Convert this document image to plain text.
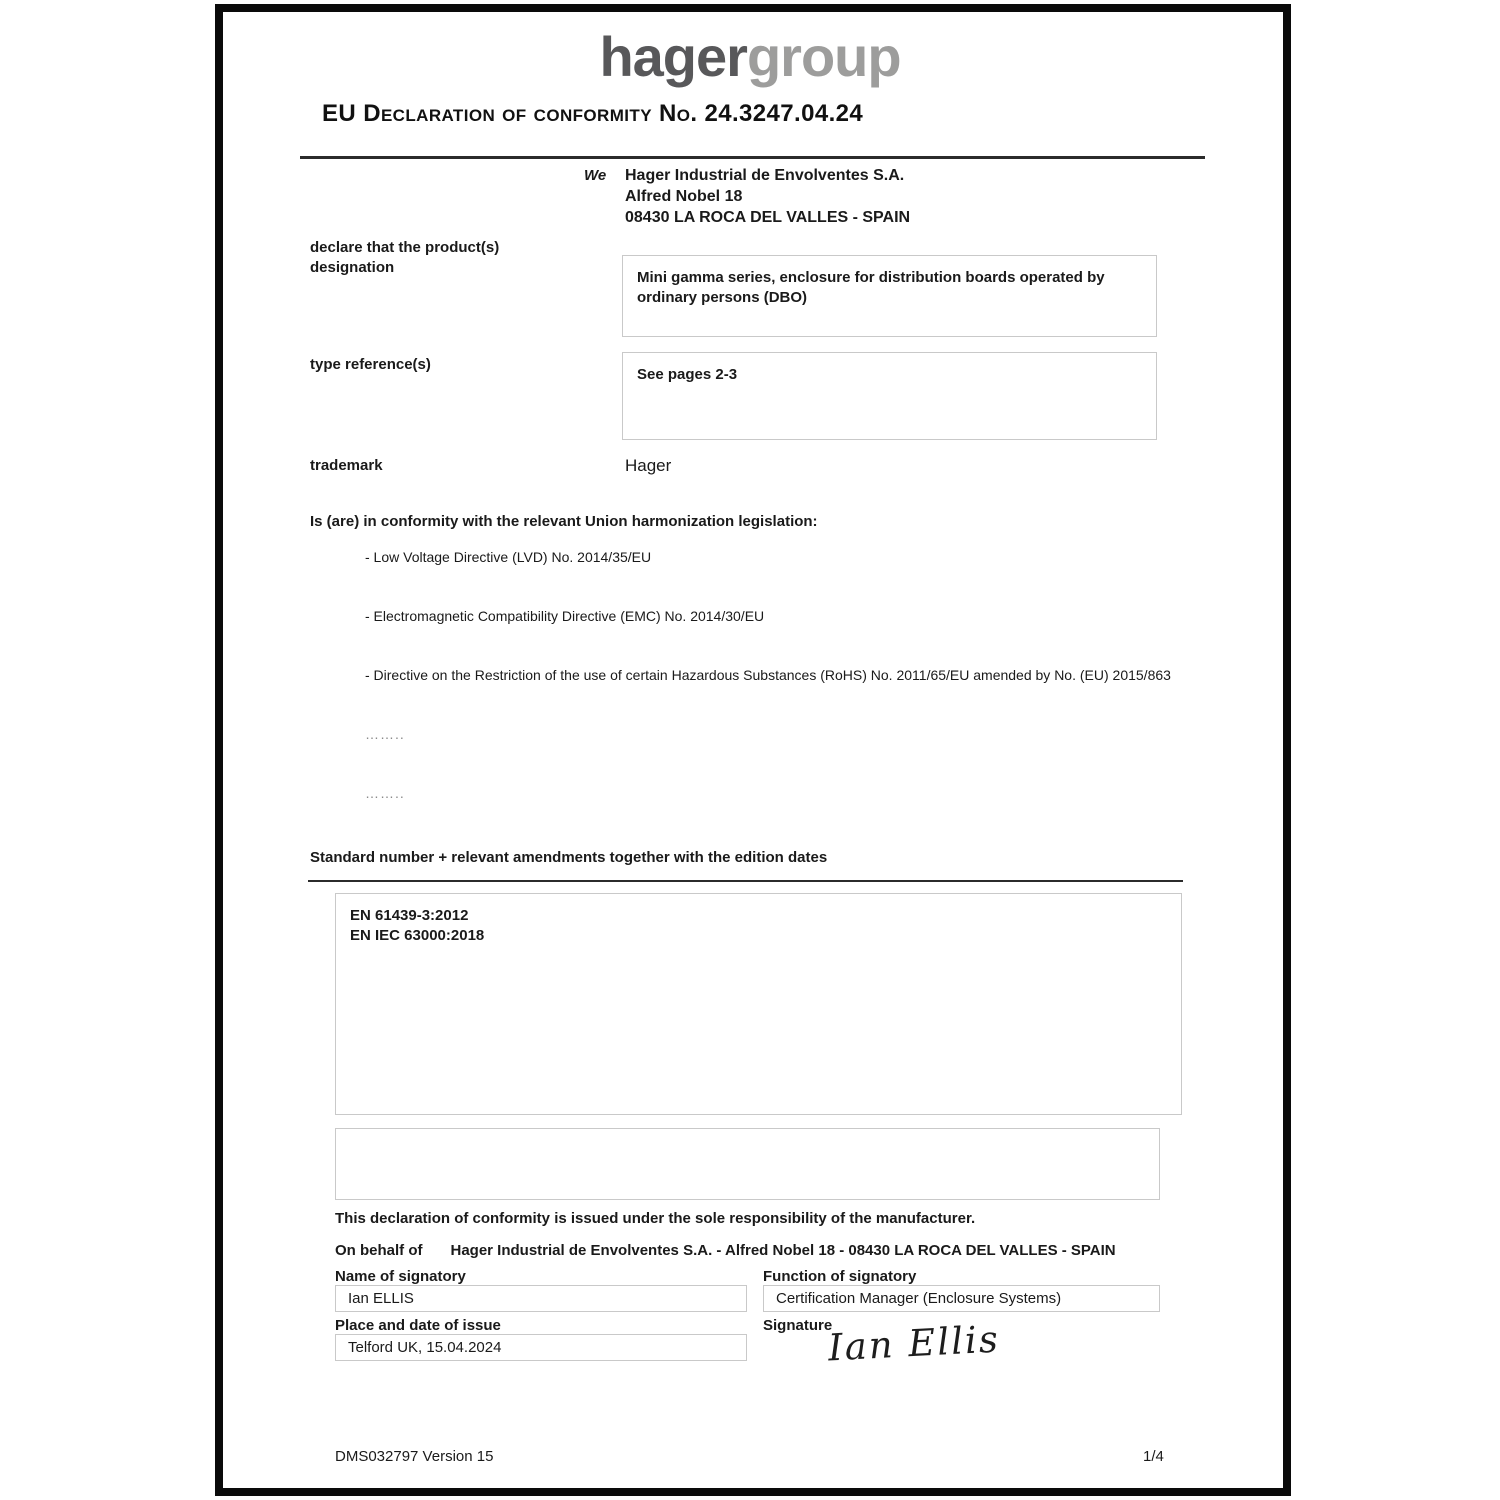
hagergroup
EU Declaration of conformity No. 24.3247.04.24
We Hager Industrial de Envolventes S.A.
Alfred Nobel 18
08430 LA ROCA DEL VALLES - SPAIN
declare that the product(s)
designation
Mini gamma series, enclosure for distribution boards operated by ordinary persons (DBO)
type reference(s)
See pages 2-3
trademark	Hager
Is (are) in conformity with the relevant Union harmonization legislation:
- Low Voltage Directive (LVD) No. 2014/35/EU
- Electromagnetic Compatibility Directive (EMC) No. 2014/30/EU
- Directive on the Restriction of the use of certain Hazardous Substances (RoHS) No. 2011/65/EU amended by No. (EU) 2015/863
……..
……..
Standard number + relevant amendments together with the edition dates
EN 61439-3:2012
EN IEC 63000:2018
This declaration of conformity is issued under the sole responsibility of the manufacturer.
On behalf of Hager Industrial de Envolventes S.A. - Alfred Nobel 18 - 08430 LA ROCA DEL VALLES - SPAIN
Name of signatory	Function of signatory
Ian ELLIS	Certification Manager (Enclosure Systems)
Place and date of issue	Signature
Telford UK, 15.04.2024	Ian Ellis
DMS032797 Version 15	1/4
